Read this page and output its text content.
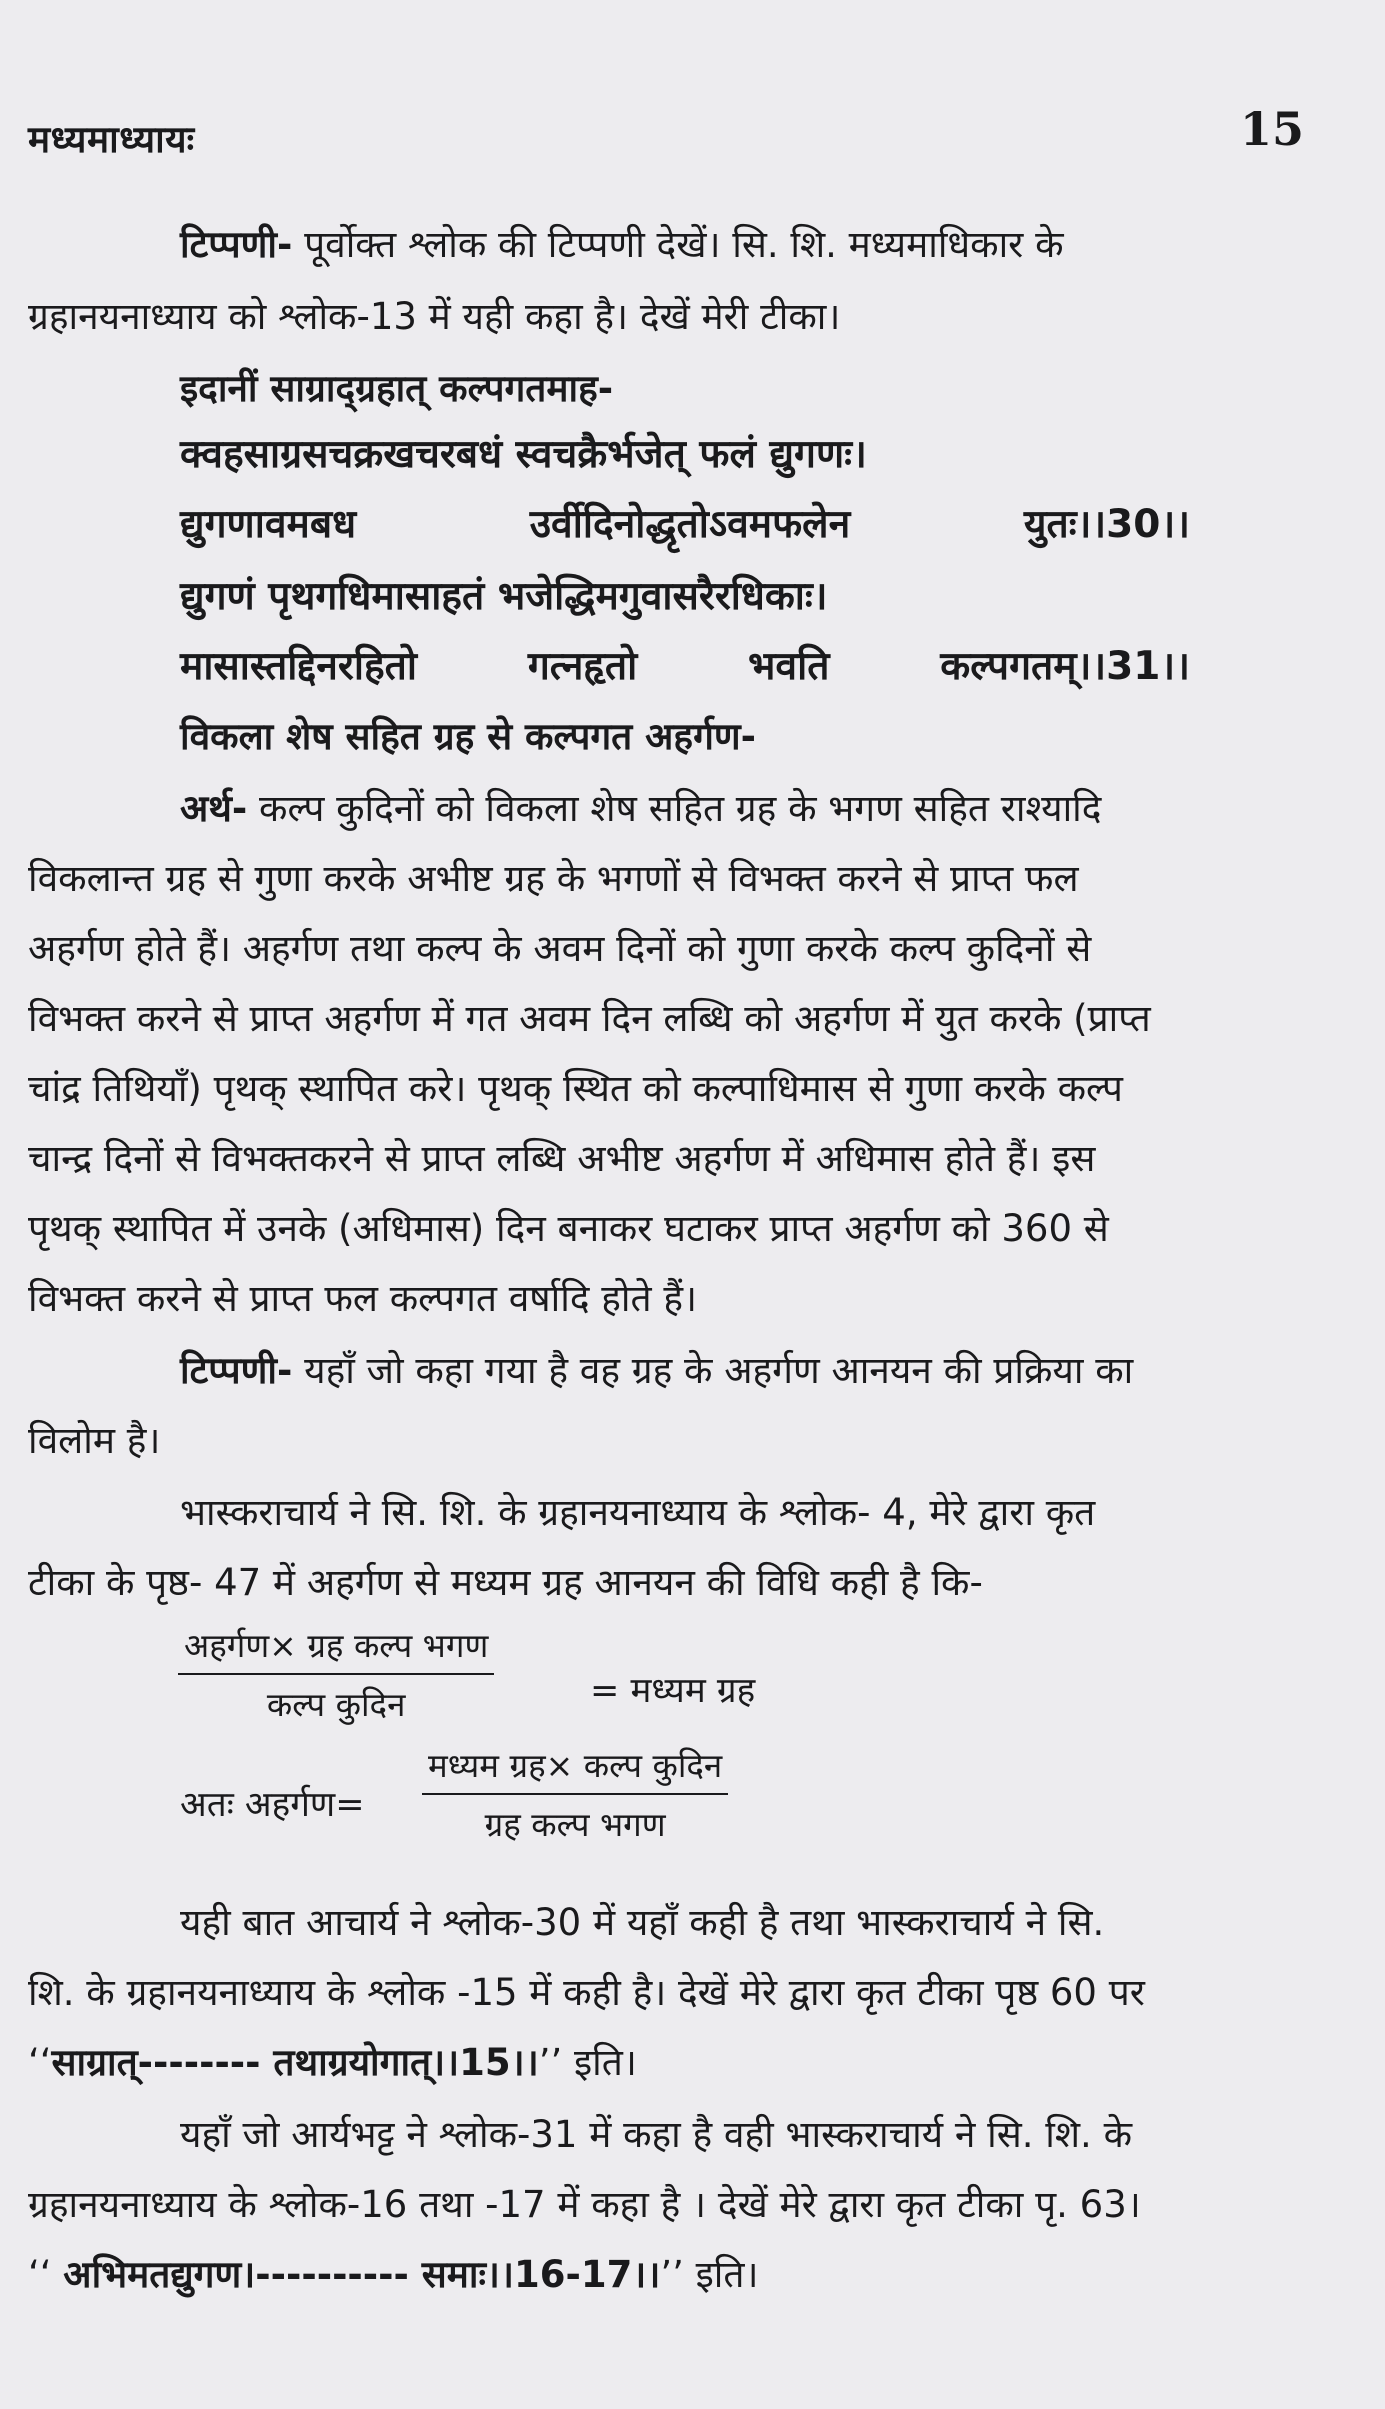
मध्यमाध्यायः	15
टिप्पणी- पूर्वोक्त श्लोक की टिप्पणी देखें। सि. शि. मध्यमाधिकार के
ग्रहानयनाध्याय को श्लोक-13 में यही कहा है। देखें मेरी टीका।
इदानीं साग्राद्ग्रहात् कल्पगतमाह-
क्वहसाग्रसचक्रखचरबधं स्वचक्रैर्भजेत् फलं द्युगणः।
द्युगणावमबध	उर्वीदिनोद्धृतोऽवमफलेन	युतः।।30।।
द्युगणं पृथगधिमासाहतं भजेद्धिमगुवासरैरधिकाः।
मासास्तद्दिनरहितो	गत्नहृतो	भवति	कल्पगतम्।।31।।
विकला शेष सहित ग्रह से कल्पगत अहर्गण-
अर्थ- कल्प कुदिनों को विकला शेष सहित ग्रह के भगण सहित राश्यादि
विकलान्त ग्रह से गुणा करके अभीष्ट ग्रह के भगणों से विभक्त करने से प्राप्त फल
अहर्गण होते हैं। अहर्गण तथा कल्प के अवम दिनों को गुणा करके कल्प कुदिनों से
विभक्त करने से प्राप्त अहर्गण में गत अवम दिन लब्धि को अहर्गण में युत करके (प्राप्त
चांद्र तिथियाँ) पृथक् स्थापित करे। पृथक् स्थित को कल्पाधिमास से गुणा करके कल्प
चान्द्र दिनों से विभक्तकरने से प्राप्त लब्धि अभीष्ट अहर्गण में अधिमास होते हैं। इस
पृथक् स्थापित में उनके (अधिमास) दिन बनाकर घटाकर प्राप्त अहर्गण को 360 से
विभक्त करने से प्राप्त फल कल्पगत वर्षादि होते हैं।
टिप्पणी- यहाँ जो कहा गया है वह ग्रह के अहर्गण आनयन की प्रक्रिया का
विलोम है।
भास्कराचार्य ने सि. शि. के ग्रहानयनाध्याय के श्लोक- 4, मेरे द्वारा कृत
टीका के पृष्ठ- 47 में अहर्गण से मध्यम ग्रह आनयन की विधि कही है कि-
अहर्गण× ग्रह कल्प भगण
कल्प कुदिन	= मध्यम ग्रह
अतः अहर्गण=
मध्यम ग्रह× कल्प कुदिन
ग्रह कल्प भगण
यही बात आचार्य ने श्लोक-30 में यहाँ कही है तथा भास्कराचार्य ने सि.
शि. के ग्रहानयनाध्याय के श्लोक -15 में कही है। देखें मेरे द्वारा कृत टीका पृष्ठ 60 पर
‘‘साग्रात्-------- तथाग्रयोगात्।।15।।’’ इति।
यहाँ जो आर्यभट्ट ने श्लोक-31 में कहा है वही भास्कराचार्य ने सि. शि. के
ग्रहानयनाध्याय के श्लोक-16 तथा -17 में कहा है । देखें मेरे द्वारा कृत टीका पृ. 63।
‘‘ अभिमतद्युगण।---------- समाः।।16-17।।’’ इति।
